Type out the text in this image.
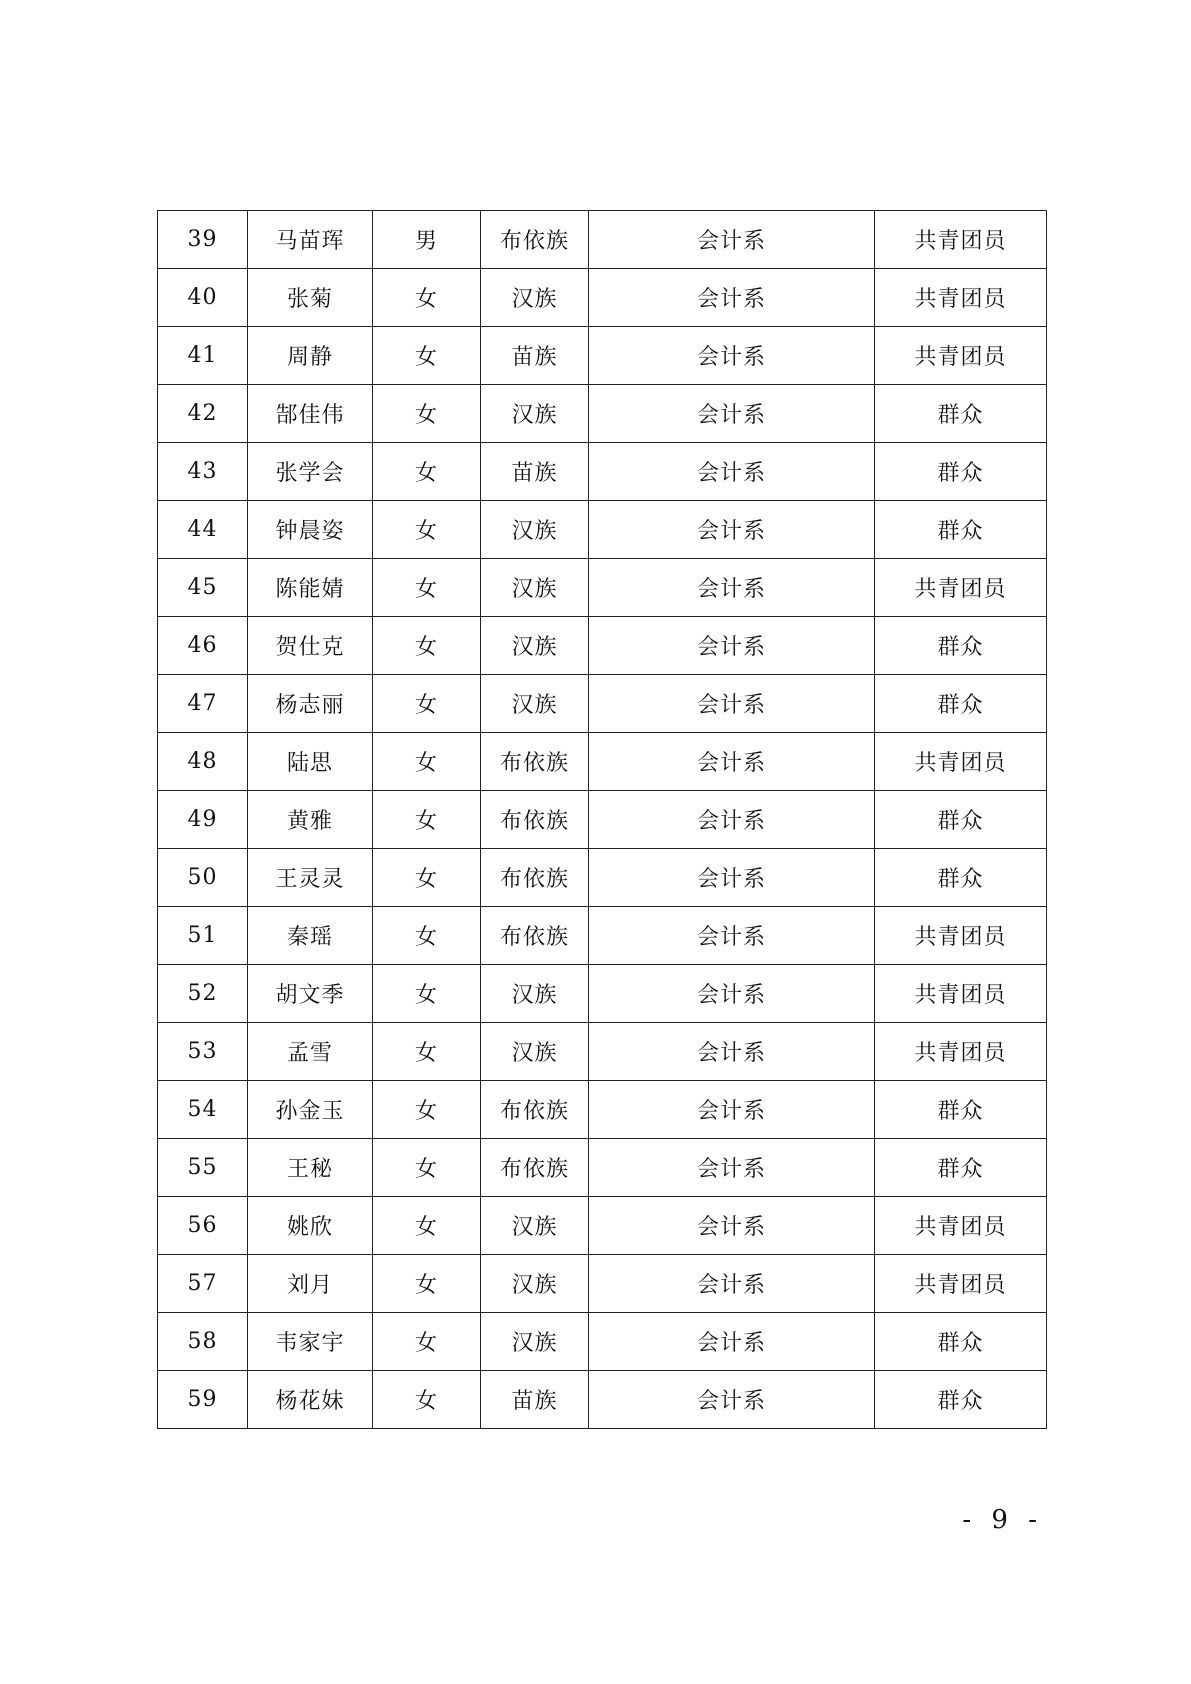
39	马苗珲	男	布依族	会计系	共青团员
40	张菊	女	汉族	会计系	共青团员
41	周静	女	苗族	会计系	共青团员
42	郜佳伟	女	汉族	会计系	群众
43	张学会	女	苗族	会计系	群众
44	钟晨姿	女	汉族	会计系	群众
45	陈能婧	女	汉族	会计系	共青团员
46	贺仕克	女	汉族	会计系	群众
47	杨志丽	女	汉族	会计系	群众
48	陆思	女	布依族	会计系	共青团员
49	黄雅	女	布依族	会计系	群众
50	王灵灵	女	布依族	会计系	群众
51	秦瑶	女	布依族	会计系	共青团员
52	胡文季	女	汉族	会计系	共青团员
53	孟雪	女	汉族	会计系	共青团员
54	孙金玉	女	布依族	会计系	群众
55	王秘	女	布依族	会计系	群众
56	姚欣	女	汉族	会计系	共青团员
57	刘月	女	汉族	会计系	共青团员
58	韦家宇	女	汉族	会计系	群众
59	杨花妹	女	苗族	会计系	群众
- 9 -
